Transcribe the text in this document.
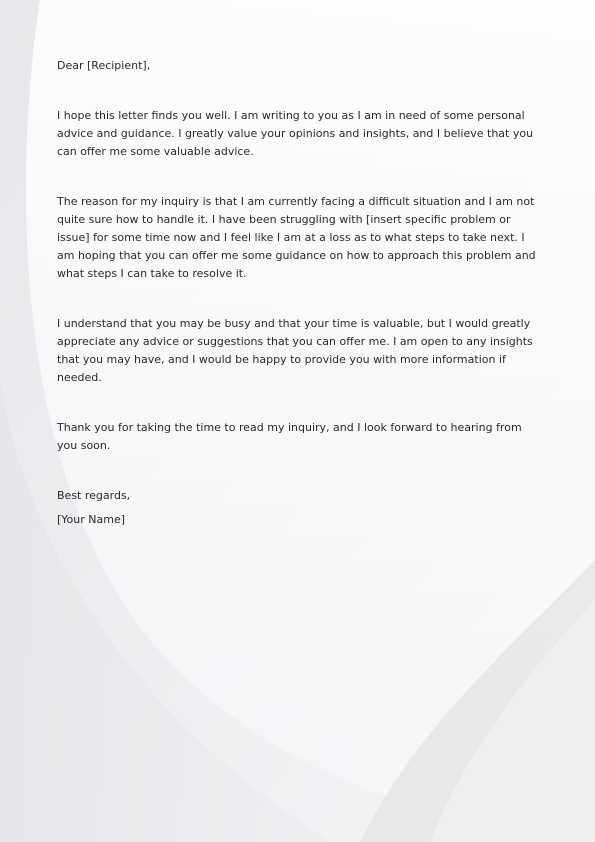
Dear [Recipient],

I hope this letter finds you well. I am writing to you as I am in need of some personal advice and guidance. I greatly value your opinions and insights, and I believe that you can offer me some valuable advice.

The reason for my inquiry is that I am currently facing a difficult situation and I am not quite sure how to handle it. I have been struggling with [insert specific problem or issue] for some time now and I feel like I am at a loss as to what steps to take next. I am hoping that you can offer me some guidance on how to approach this problem and what steps I can take to resolve it.

I understand that you may be busy and that your time is valuable, but I would greatly appreciate any advice or suggestions that you can offer me. I am open to any insights that you may have, and I would be happy to provide you with more information if needed.

Thank you for taking the time to read my inquiry, and I look forward to hearing from you soon.

Best regards,

[Your Name]
